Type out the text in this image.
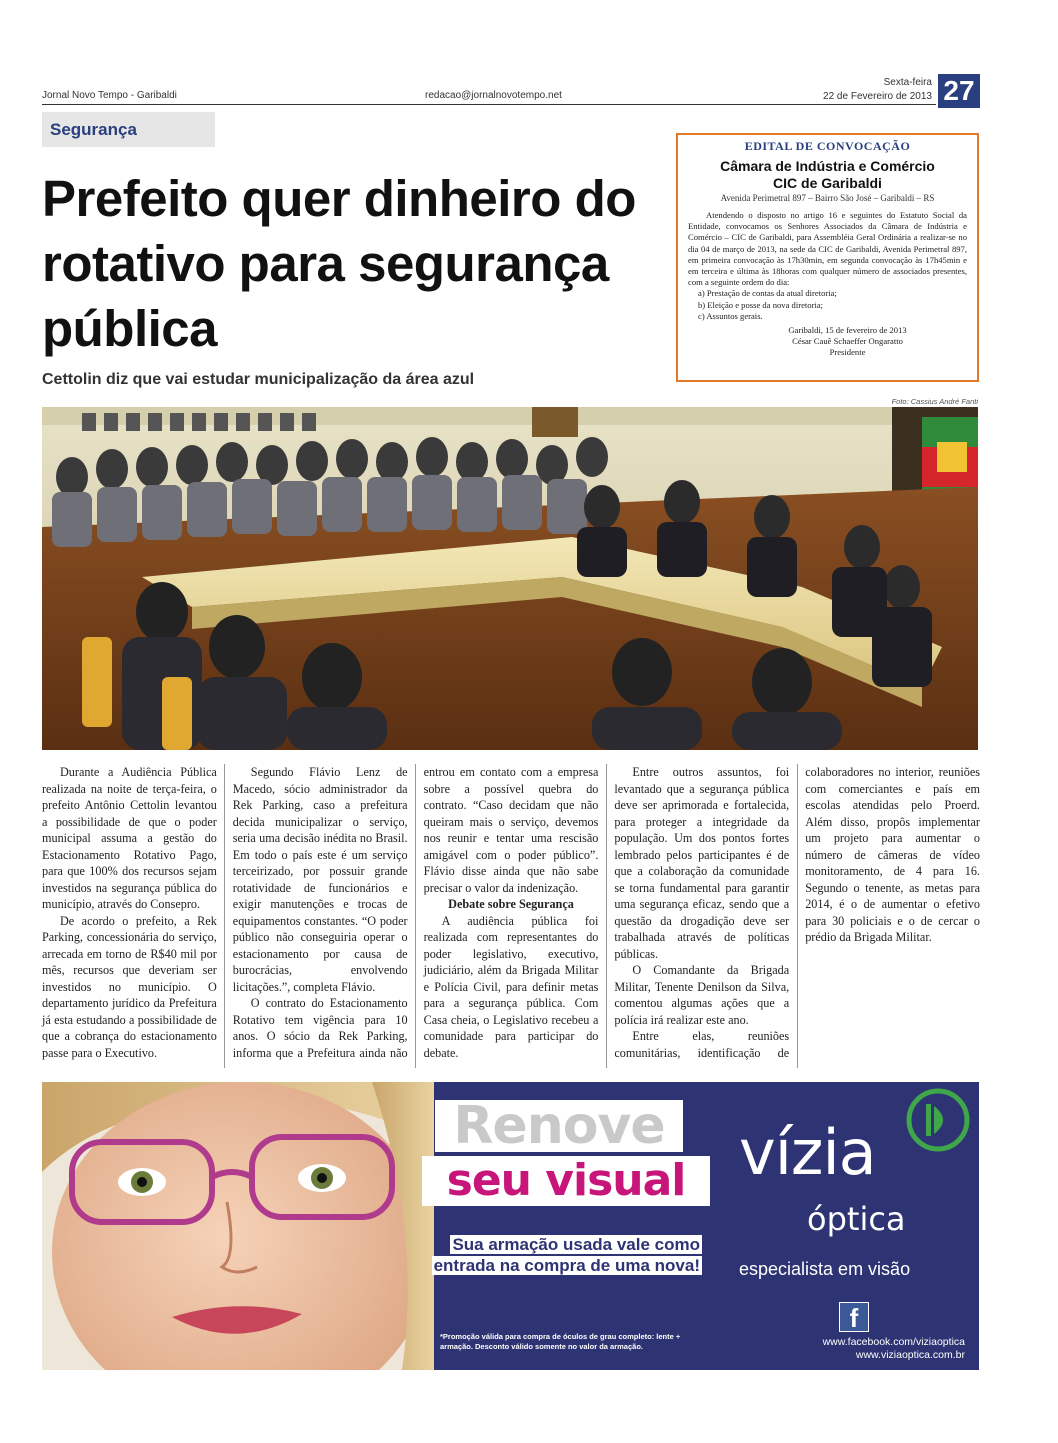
Jornal Novo Tempo - Garibaldi	redacao@jornalnovotempo.net
Sexta-feira
22 de Fevereiro de 2013 27
Segurança
Prefeito quer dinheiro do rotativo para segurança pública
Cettolin diz que vai estudar municipalização da área azul
EDITAL DE CONVOCAÇÃO
Câmara de Indústria e Comércio
CIC de Garibaldi
Avenida Perimetral 897 – Bairro São José – Garibaldi – RS

Atendendo o disposto no artigo 16 e seguintes do Estatuto Social da Entidade, convocamos os Senhores Associados da Câmara de Indústria e Comércio – CIC de Garibaldi, para Assembléia Geral Ordinária a realizar-se no dia 04 de março de 2013, na sede da CIC de Garibaldi, Avenida Perimetral 897, em primeira convocação às 17h30min, em segunda convocação às 17h45min e em terceira e última às 18horas com qualquer número de associados presentes, com a seguinte ordem do dia:

a) Prestação de contas da atual diretoria;
b) Eleição e posse da nova diretoria;
c) Assuntos gerais.
Garibaldi, 15 de fevereiro de 2013
César Cauê Schaeffer Ongaratto
Presidente
Foto: Cassius André Fanti

Durante a Audiência Pública realizada na noite de terça-feira, o prefeito Antônio Cettolin levantou a possibilidade de que o poder municipal assuma a gestão do Estacionamento Rotativo Pago, para que 100% dos recursos sejam investidos na segurança pública do município, através do Consepro.

De acordo o prefeito, a Rek Parking, concessionária do serviço, arrecada em torno de R$40 mil por mês, recursos que deveriam ser investidos no município. O departamento jurídico da Prefeitura já esta estudando a possibilidade de que a cobrança do estacionamento passe para o Executivo.

Segundo Flávio Lenz de Macedo, sócio administrador da Rek Parking, caso a prefeitura decida municipalizar o serviço, seria uma decisão inédita no Brasil. Em todo o país este é um serviço terceirizado, por possuir grande rotatividade de funcionários e exigir manutenções e trocas de equipamentos constantes. “O poder público não conseguiria operar o estacionamento por causa de burocrácias, envolvendo licitações.”, completa Flávio.

O contrato do Estacionamento Rotativo tem vigência para 10 anos. O sócio da Rek Parking, informa que a Prefeitura ainda não entrou em contato com a empresa sobre a possível quebra do contrato. “Caso decidam que não queiram mais o serviço, devemos nos reunir e tentar uma rescisão amigável com o poder público”. Flávio disse ainda que não sabe precisar o valor da indenização.

Debate sobre Segurança

A audiência pública foi realizada com representantes do poder legislativo, executivo, judiciário, além da Brigada Militar e Polícia Civil, para definir metas para a segurança pública. Com Casa cheia, o Legislativo recebeu a comunidade para participar do debate.

Entre outros assuntos, foi levantado que a segurança pública deve ser aprimorada e fortalecida, para proteger a integridade da população. Um dos pontos fortes lembrado pelos participantes é de que a colaboração da comunidade se torna fundamental para garantir uma segurança eficaz, sendo que a questão da drogadição deve ser trabalhada através de políticas públicas.

O Comandante da Brigada Militar, Tenente Denilson da Silva, comentou algumas ações que a polícia irá realizar este ano.

Entre elas, reuniões comunitárias, identificação de colaboradores no interior, reuniões com comerciantes e país em escolas atendidas pelo Proerd. Além disso, propôs implementar um projeto para aumentar o número de câmeras de vídeo monitoramento, de 4 para 16. Segundo o tenente, as metas para 2014, é o de aumentar o efetivo para 30 policiais e o de cercar o prédio da Brigada Militar.

Renove
seu visual
Sua armação usada vale como
entrada na compra de uma nova!
vízia
óptica
especialista em visão
f
www.facebook.com/viziaoptica
www.viziaoptica.com.br
*Promoção válida para compra de óculos de grau completo: lente + armação. Desconto válido somente no valor da armação.
